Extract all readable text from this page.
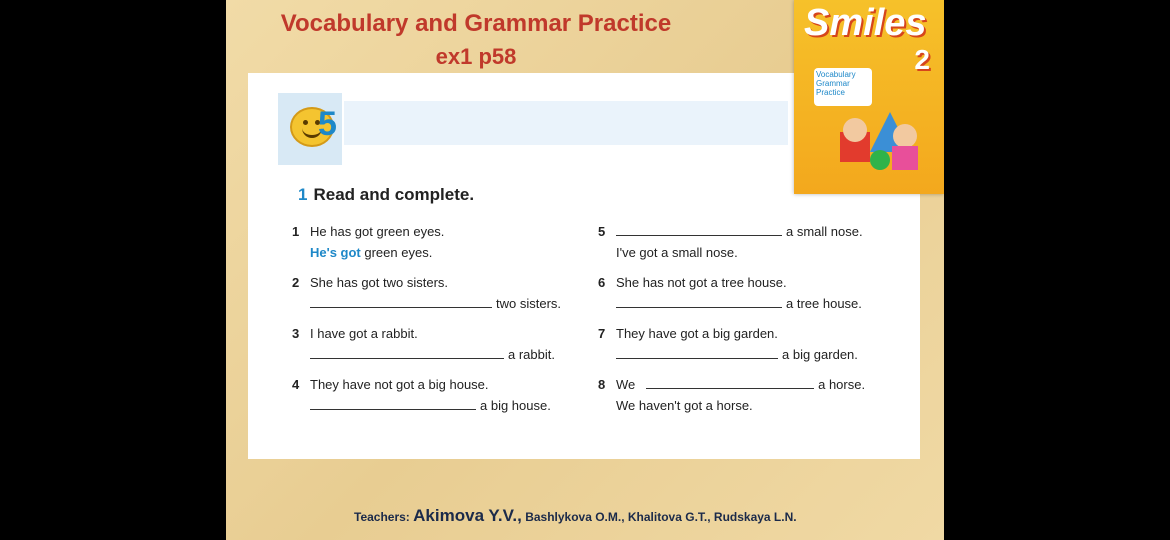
Vocabulary and Grammar Practice
ex1 p58
5
1 Read and complete.
1 He has got green eyes.
He's got green eyes.
2 She has got two sisters.
two sisters.
3 I have got a rabbit.
a rabbit.
4 They have not got a big house.
a big house.
5	a small nose.
I've got a small nose.
6 She has not got a tree house.
a tree house.
7 They have got a big garden.
a big garden.
8 We	a horse.
We haven't got a horse.
Smiles
2
Vocabulary
Grammar
Practice
Teachers: Akimova Y.V., Bashlykova O.M., Khalitova G.T., Rudskaya L.N.
